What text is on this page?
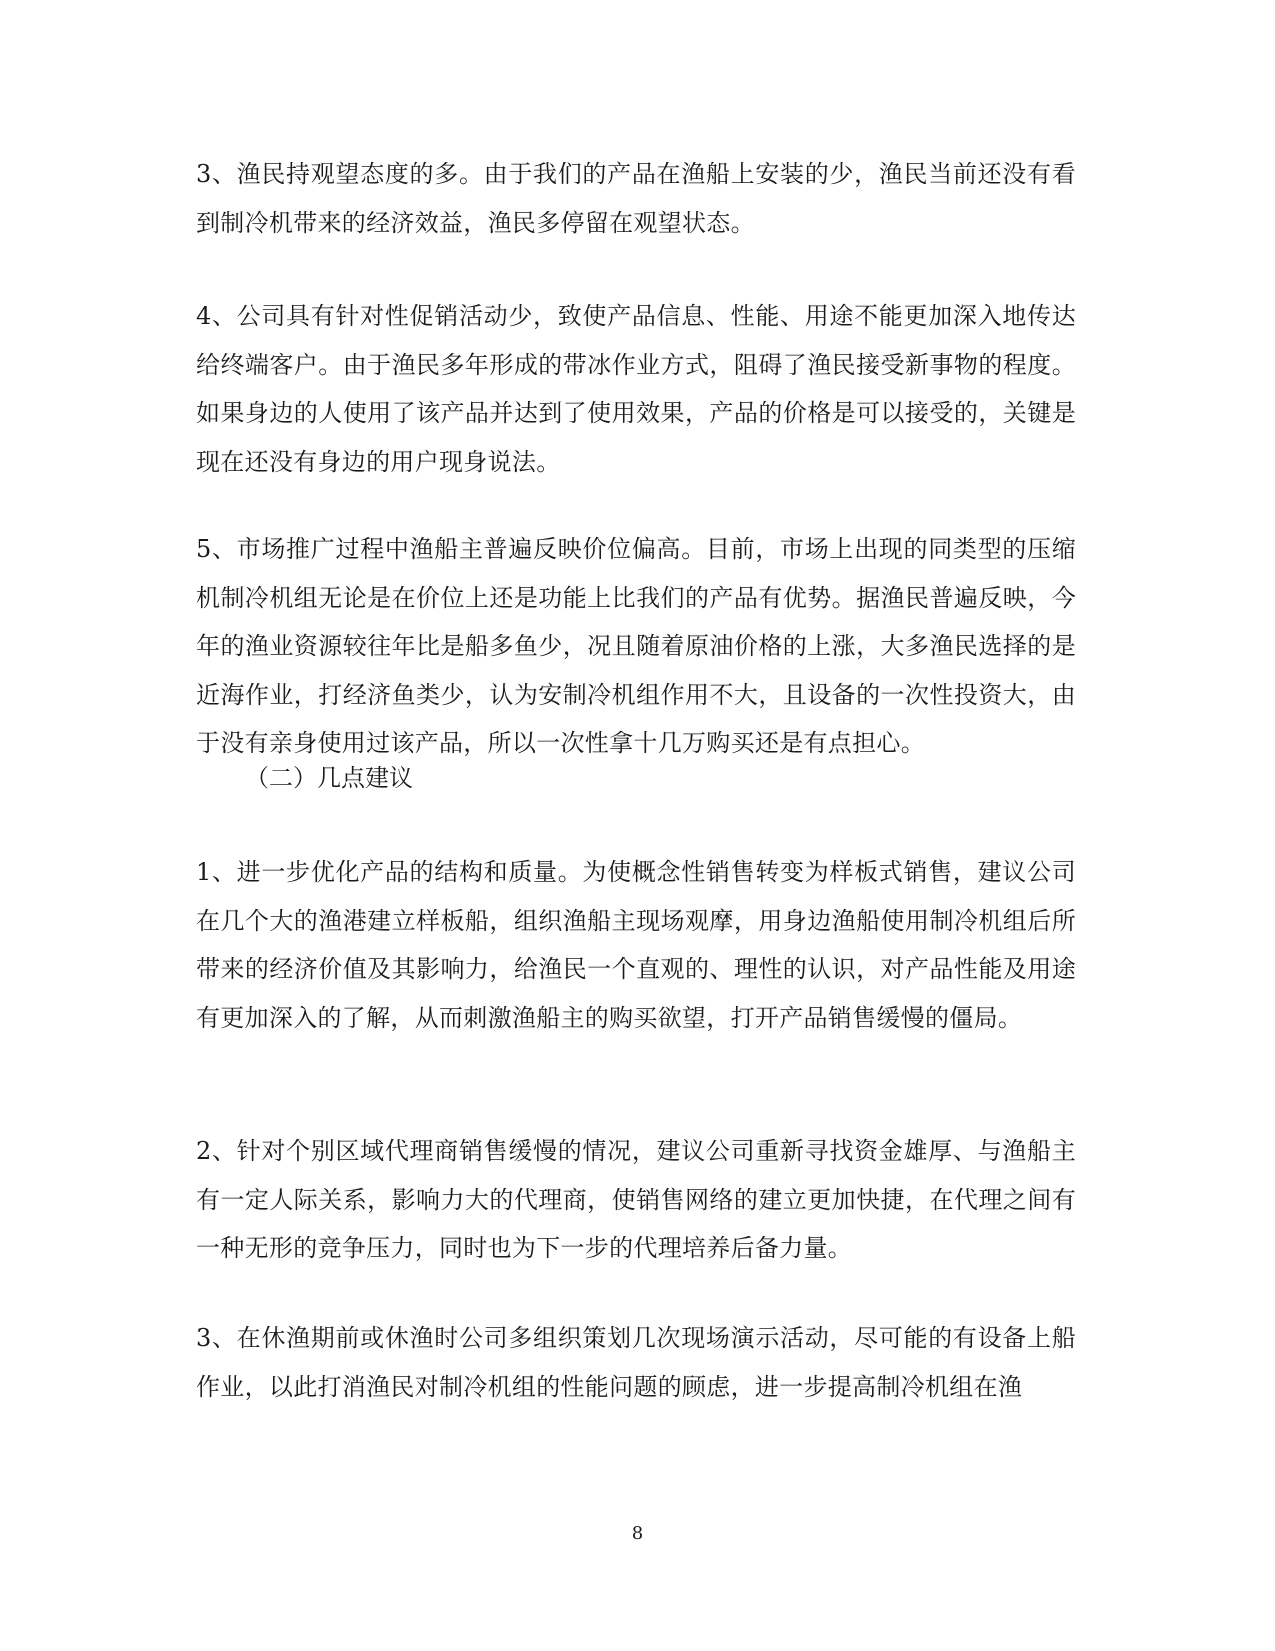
3、渔民持观望态度的多。由于我们的产品在渔船上安装的少，渔民当前还没有看到制冷机带来的经济效益，渔民多停留在观望状态。

4、公司具有针对性促销活动少，致使产品信息、性能、用途不能更加深入地传达给终端客户。由于渔民多年形成的带冰作业方式，阻碍了渔民接受新事物的程度。如果身边的人使用了该产品并达到了使用效果，产品的价格是可以接受的，关键是现在还没有身边的用户现身说法。

5、市场推广过程中渔船主普遍反映价位偏高。目前，市场上出现的同类型的压缩机制冷机组无论是在价位上还是功能上比我们的产品有优势。据渔民普遍反映，今年的渔业资源较往年比是船多鱼少，况且随着原油价格的上涨，大多渔民选择的是近海作业，打经济鱼类少，认为安制冷机组作用不大，且设备的一次性投资大，由于没有亲身使用过该产品，所以一次性拿十几万购买还是有点担心。

（二）几点建议

1、进一步优化产品的结构和质量。为使概念性销售转变为样板式销售，建议公司在几个大的渔港建立样板船，组织渔船主现场观摩，用身边渔船使用制冷机组后所带来的经济价值及其影响力，给渔民一个直观的、理性的认识，对产品性能及用途有更加深入的了解，从而刺激渔船主的购买欲望，打开产品销售缓慢的僵局。

2、针对个别区域代理商销售缓慢的情况，建议公司重新寻找资金雄厚、与渔船主有一定人际关系，影响力大的代理商，使销售网络的建立更加快捷，在代理之间有一种无形的竞争压力，同时也为下一步的代理培养后备力量。

3、在休渔期前或休渔时公司多组织策划几次现场演示活动，尽可能的有设备上船作业，以此打消渔民对制冷机组的性能问题的顾虑，进一步提高制冷机组在渔

8
